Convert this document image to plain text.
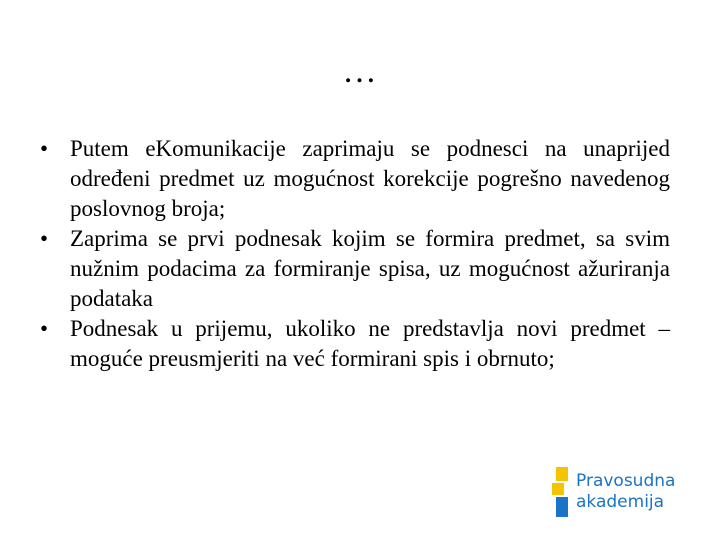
…
• Putem eKomunikacije zaprimaju se podnesci na unaprijed određeni predmet uz mogućnost korekcije pogrešno navedenog poslovnog broja;
• Zaprima se prvi podnesak kojim se formira predmet, sa svim nužnim podacima za formiranje spisa, uz mogućnost ažuriranja podataka
• Podnesak u prijemu, ukoliko ne predstavlja novi predmet – moguće preusmjeriti na već formirani spis i obrnuto;
Pravosudna
akademija
